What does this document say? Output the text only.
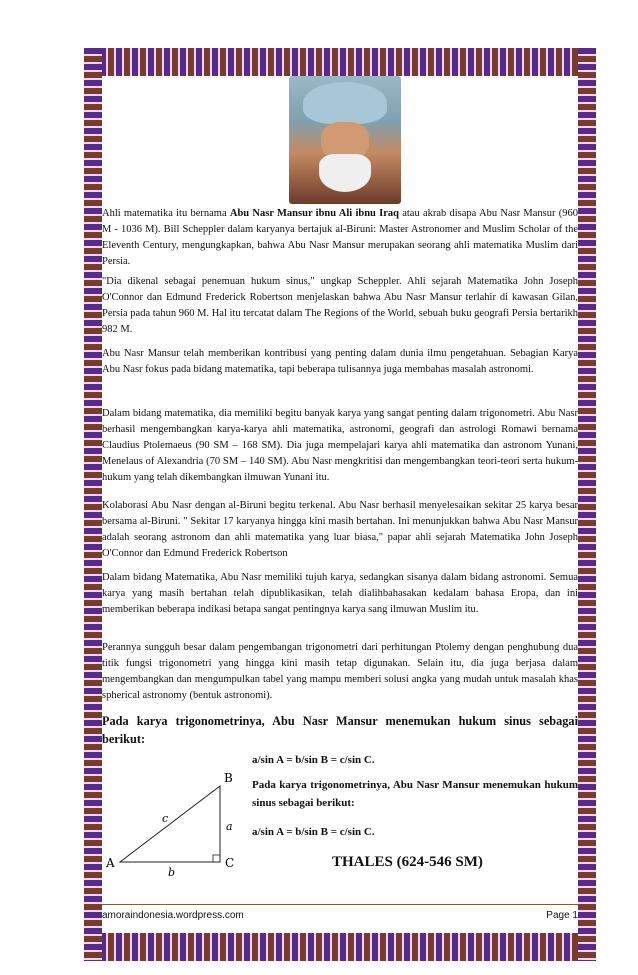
Ahli matematika itu bernama Abu Nasr Mansur ibnu Ali ibnu Iraq atau akrab disapa Abu Nasr Mansur (960 M - 1036 M). Bill Scheppler dalam karyanya bertajuk al-Biruni: Master Astronomer and Muslim Scholar of the Eleventh Century, mengungkapkan, bahwa Abu Nasr Mansur merupakan seorang ahli matematika Muslim dari Persia.

"Dia dikenal sebagai penemuan hukum sinus," ungkap Scheppler. Ahli sejarah Matematika John Joseph O'Connor dan Edmund Frederick Robertson menjelaskan bahwa Abu Nasr Mansur terlahir di kawasan Gilan, Persia pada tahun 960 M. Hal itu tercatat dalam The Regions of the World, sebuah buku geografi Persia bertarikh 982 M.

Abu Nasr Mansur telah memberikan kontribusi yang penting dalam dunia ilmu pengetahuan. Sebagian Karya Abu Nasr fokus pada bidang matematika, tapi beberapa tulisannya juga membahas masalah astronomi.

Dalam bidang matematika, dia memiliki begitu banyak karya yang sangat penting dalam trigonometri. Abu Nasr berhasil mengembangkan karya-karya ahli matematika, astronomi, geografi dan astrologi Romawi bernama Claudius Ptolemaeus (90 SM – 168 SM). Dia juga mempelajari karya ahli matematika dan astronom Yunani, Menelaus of Alexandria (70 SM – 140 SM). Abu Nasr mengkritisi dan mengembangkan teori-teori serta hukum-hukum yang telah dikembangkan ilmuwan Yunani itu.

Kolaborasi Abu Nasr dengan al-Biruni begitu terkenal. Abu Nasr berhasil menyelesaikan sekitar 25 karya besar bersama al-Biruni. " Sekitar 17 karyanya hingga kini masih bertahan. Ini menunjukkan bahwa Abu Nasr Mansur adalah seorang astronom dan ahli matematika yang luar biasa," papar ahli sejarah Matematika John Joseph O'Connor dan Edmund Frederick Robertson

Dalam bidang Matematika, Abu Nasr memiliki tujuh karya, sedangkan sisanya dalam bidang astronomi. Semua karya yang masih bertahan telah dipublikasikan, telah dialihbahasakan kedalam bahasa Eropa, dan ini memberikan beberapa indikasi betapa sangat pentingnya karya sang ilmuwan Muslim itu.

Perannya sungguh besar dalam pengembangan trigonometri dari perhitungan Ptolemy dengan penghubung dua titik fungsi trigonometri yang hingga kini masih tetap digunakan. Selain itu, dia juga berjasa dalam mengembangkan dan mengumpulkan tabel yang mampu memberi solusi angka yang mudah untuk masalah khas spherical astronomy (bentuk astronomi).

Pada karya trigonometrinya, Abu Nasr Mansur menemukan hukum sinus sebagai berikut:

a/sin A = b/sin B = c/sin C.

Pada karya trigonometrinya, Abu Nasr Mansur menemukan hukum sinus sebagai berikut:

a/sin A = b/sin B = c/sin C.

A
B
C
a
b
c

THALES (624-546 SM)

amoraindonesia.wordpress.com	Page 1
